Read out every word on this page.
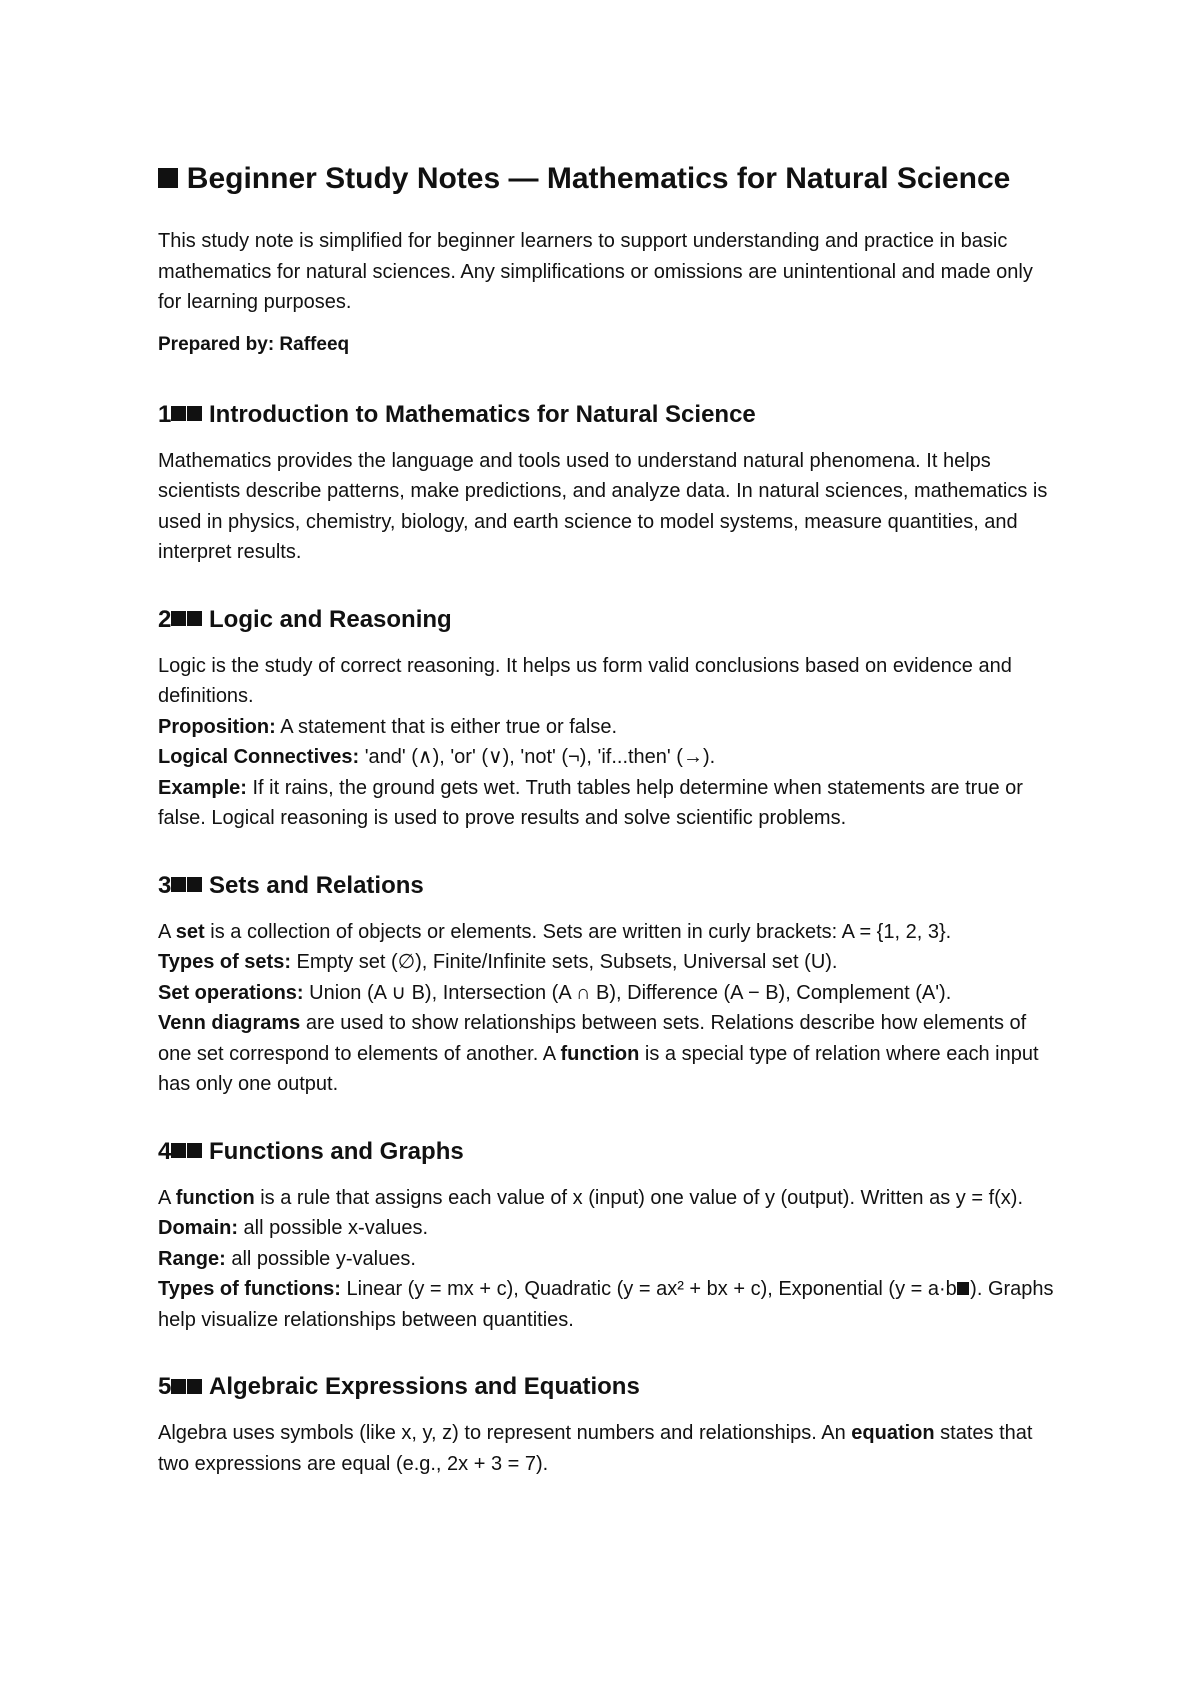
Beginner Study Notes — Mathematics for Natural Science

This study note is simplified for beginner learners to support understanding and practice in basic mathematics for natural sciences. Any simplifications or omissions are unintentional and made only for learning purposes.

Prepared by: Raffeeq

1 Introduction to Mathematics for Natural Science

Mathematics provides the language and tools used to understand natural phenomena. It helps scientists describe patterns, make predictions, and analyze data. In natural sciences, mathematics is used in physics, chemistry, biology, and earth science to model systems, measure quantities, and interpret results.

2 Logic and Reasoning

Logic is the study of correct reasoning. It helps us form valid conclusions based on evidence and definitions.
Proposition: A statement that is either true or false.
Logical Connectives: 'and' (∧), 'or' (∨), 'not' (¬), 'if...then' (→).
Example: If it rains, the ground gets wet. Truth tables help determine when statements are true or false. Logical reasoning is used to prove results and solve scientific problems.

3 Sets and Relations

A set is a collection of objects or elements. Sets are written in curly brackets: A = {1, 2, 3}.
Types of sets: Empty set (∅), Finite/Infinite sets, Subsets, Universal set (U).
Set operations: Union (A ∪ B), Intersection (A ∩ B), Difference (A − B), Complement (A').
Venn diagrams are used to show relationships between sets. Relations describe how elements of one set correspond to elements of another. A function is a special type of relation where each input has only one output.

4 Functions and Graphs

A function is a rule that assigns each value of x (input) one value of y (output). Written as y = f(x).
Domain: all possible x-values.
Range: all possible y-values.
Types of functions: Linear (y = mx + c), Quadratic (y = ax² + bx + c), Exponential (y = a·b ). Graphs help visualize relationships between quantities.

5 Algebraic Expressions and Equations

Algebra uses symbols (like x, y, z) to represent numbers and relationships. An equation states that two expressions are equal (e.g., 2x + 3 = 7).
